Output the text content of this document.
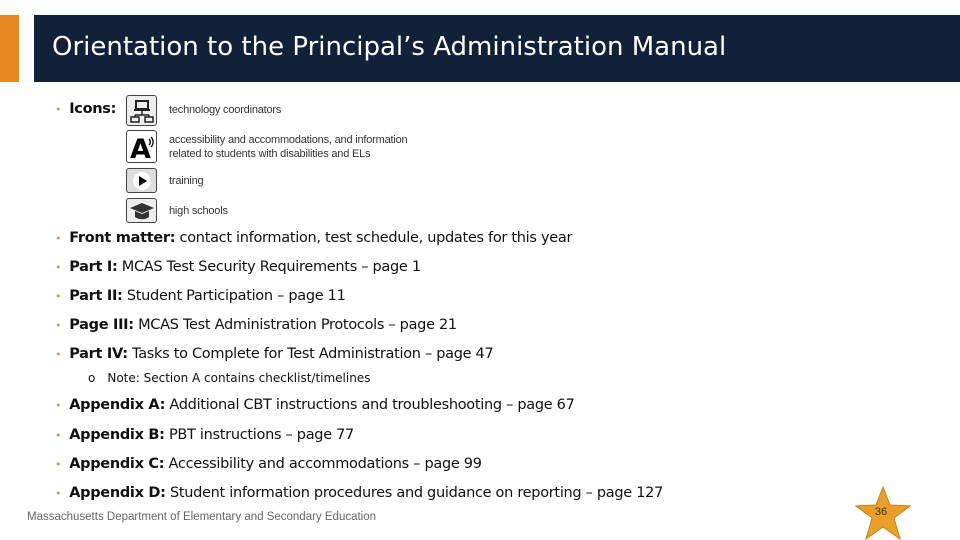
Orientation to the Principal’s Administration Manual
• Icons:	technology coordinators
A accessibility and accommodations, and information related to students with disabilities and ELs
training
high schools
• Front matter: contact information, test schedule, updates for this year
• Part I: MCAS Test Security Requirements – page 1
• Part II: Student Participation – page 11
• Page III: MCAS Test Administration Protocols – page 21
• Part IV: Tasks to Complete for Test Administration – page 47
o Note: Section A contains checklist/timelines
• Appendix A: Additional CBT instructions and troubleshooting – page 67
• Appendix B: PBT instructions – page 77
• Appendix C: Accessibility and accommodations – page 99
• Appendix D: Student information procedures and guidance on reporting – page 127
Massachusetts Department of Elementary and Secondary Education	36
